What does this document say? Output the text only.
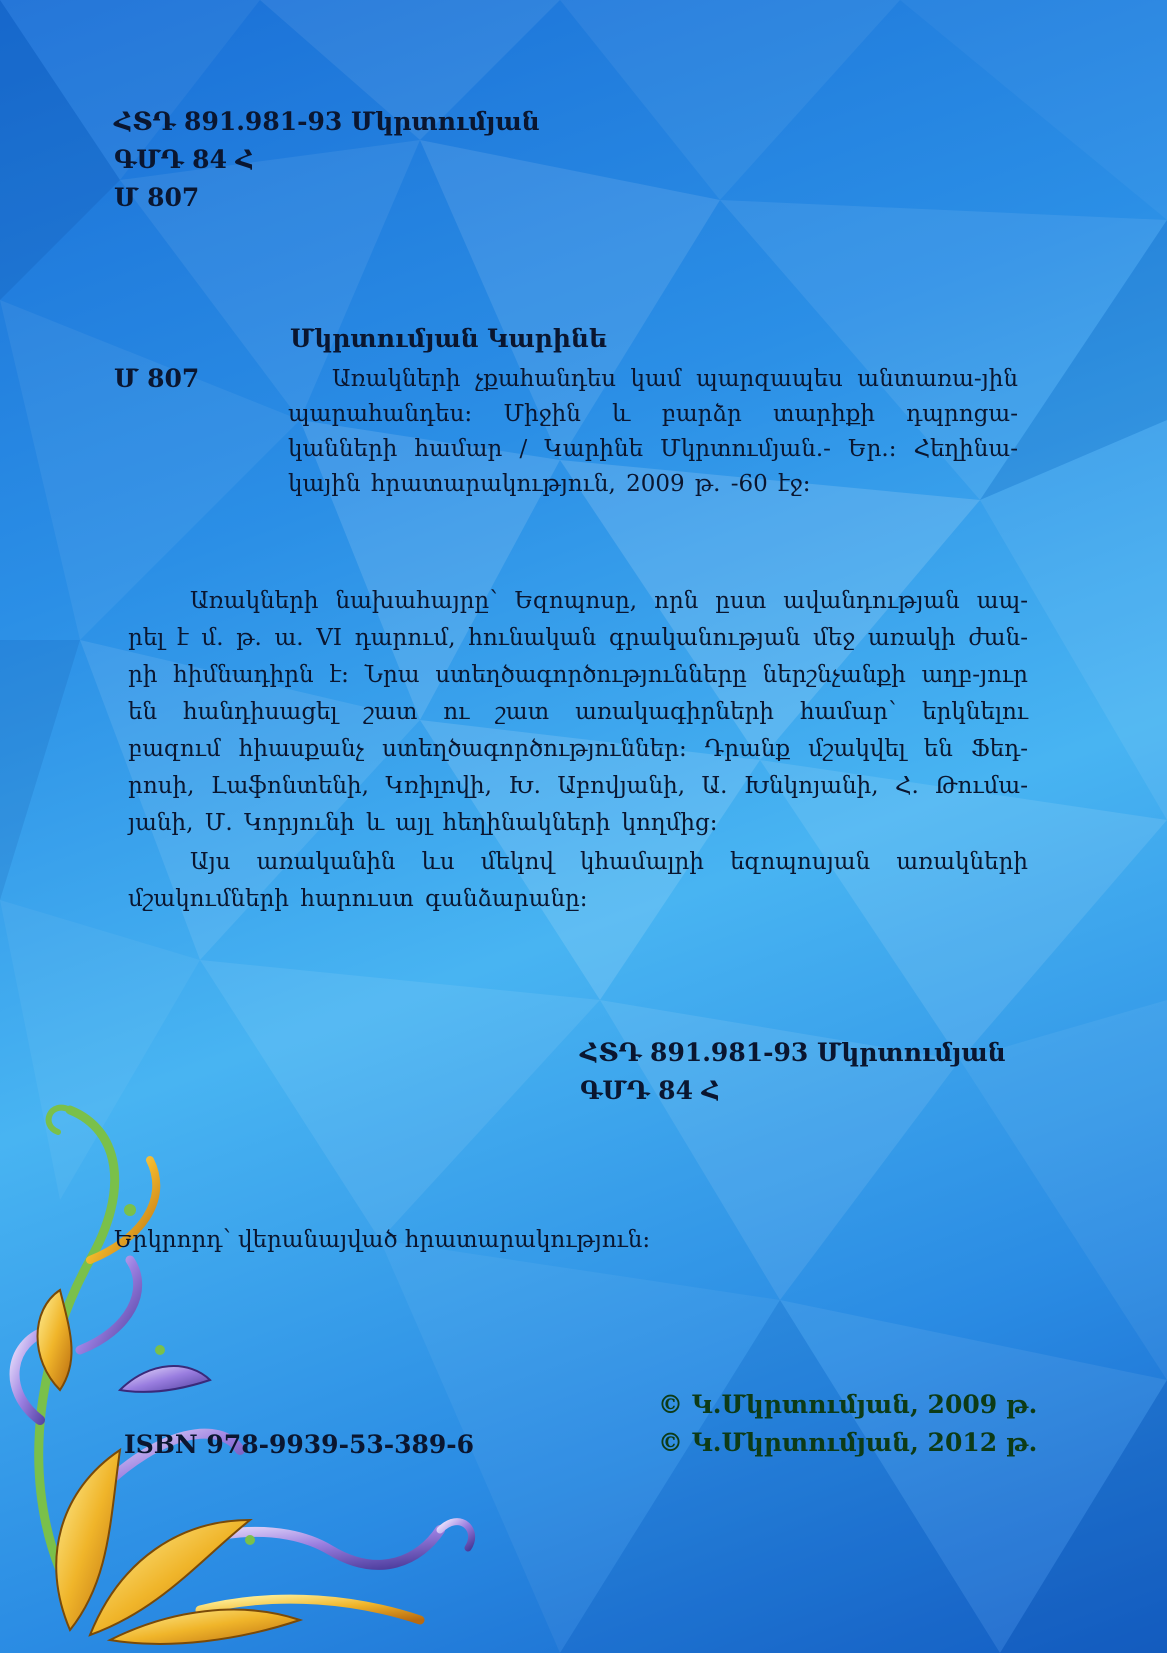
ՀՏԴ 891.981-93 Մկրտումյան

ԳՄԴ 84 Հ

Մ 807

Մկրտումյան Կարինե

Մ 807	Առակների չքահանդես կամ պարզապես անտառա-յին պարահանդես: Միջին և բարձր տարիքի դպրոցա-կանների համար / Կարինե Մկրտումյան.- Եր.: Հեղինա-կային հրատարակություն, 2009 թ. -60 էջ:

Առակների նախահայրը՝ Եզոպոսը, որն ըստ ավանդության ապ-րել է մ. թ. ա. VI դարում, հունական գրականության մեջ առակի ժան-րի հիմնադիրն է: Նրա ստեղծագործությունները ներշնչանքի աղբ-յուր են հանդիսացել շատ ու շատ առակագիրների համար՝ երկնելու բազում հիասքանչ ստեղծագործություններ: Դրանք մշակվել են Ֆեդ-րոսի, Լաֆոնտենի, Կռիլովի, Խ. Աբովյանի, Ա. Խնկոյանի, Հ. Թումա-յանի, Մ. Կորյունի և այլ հեղինակների կողմից:

Այս առականին ևս մեկով կհամալրի եզոպոսյան առակների մշակումների հարուստ գանձարանը:

ՀՏԴ 891.981-93 Մկրտումյան

ԳՄԴ 84 Հ

Երկրորդ՝ վերանայված հրատարակություն:

ISBN 978-9939-53-389-6

© Կ.Մկրտումյան, 2009 թ.

© Կ.Մկրտումյան, 2012 թ.
